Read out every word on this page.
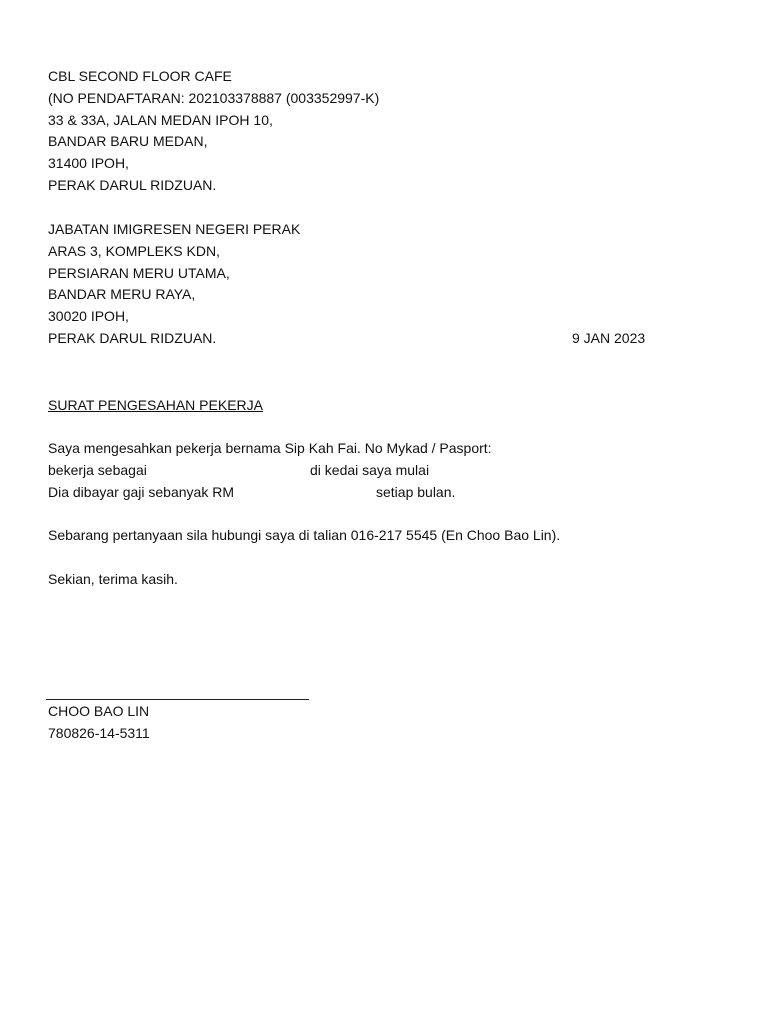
CBL SECOND FLOOR CAFE
(NO PENDAFTARAN: 202103378887 (003352997-K)
33 & 33A, JALAN MEDAN IPOH 10,
BANDAR BARU MEDAN,
31400 IPOH,
PERAK DARUL RIDZUAN.
JABATAN IMIGRESEN NEGERI PERAK
ARAS 3, KOMPLEKS KDN,
PERSIARAN MERU UTAMA,
BANDAR MERU RAYA,
30020 IPOH,
PERAK DARUL RIDZUAN.	9 JAN 2023
SURAT PENGESAHAN PEKERJA
Saya mengesahkan pekerja bernama Sip Kah Fai. No Mykad / Pasport:
bekerja sebagai	di kedai saya mulai
Dia dibayar gaji sebanyak RM	setiap bulan.
Sebarang pertanyaan sila hubungi saya di talian 016-217 5545 (En Choo Bao Lin).
Sekian, terima kasih.
CHOO BAO LIN
780826-14-5311
